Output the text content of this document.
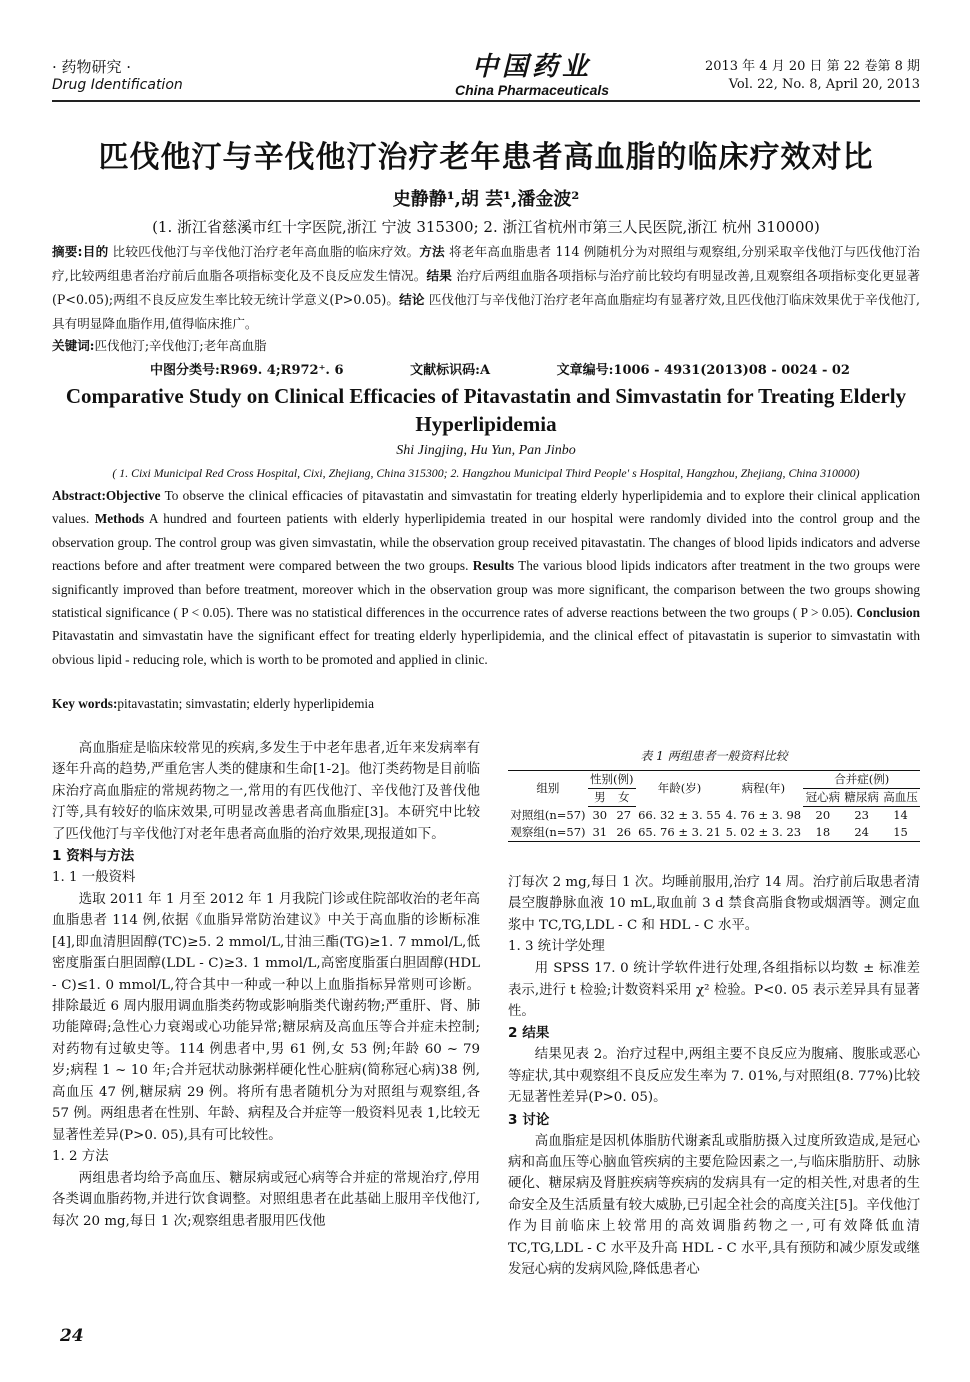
· 药物研究 ·
Drug Identification
中国药业
China Pharmaceuticals
2013 年 4 月 20 日 第 22 卷第 8 期
Vol. 22, No. 8, April 20, 2013
匹伐他汀与辛伐他汀治疗老年患者高血脂的临床疗效对比
史静静¹,胡 芸¹,潘金波²
(1. 浙江省慈溪市红十字医院,浙江 宁波 315300; 2. 浙江省杭州市第三人民医院,浙江 杭州 310000)
摘要:目的 比较匹伐他汀与辛伐他汀治疗老年高血脂的临床疗效。方法 将老年高血脂患者 114 例随机分为对照组与观察组,分别采取辛伐他汀与匹伐他汀治疗,比较两组患者治疗前后血脂各项指标变化及不良反应发生情况。结果 治疗后两组血脂各项指标与治疗前比较均有明显改善,且观察组各项指标变化更显著(P<0.05);两组不良反应发生率比较无统计学意义(P>0.05)。结论 匹伐他汀与辛伐他汀治疗老年高血脂症均有显著疗效,且匹伐他汀临床效果优于辛伐他汀,具有明显降血脂作用,值得临床推广。
关键词:匹伐他汀;辛伐他汀;老年高血脂
中图分类号:R969. 4;R972⁺. 6	文献标识码:A	文章编号:1006 - 4931(2013)08 - 0024 - 02
Comparative Study on Clinical Efficacies of Pitavastatin and Simvastatin for Treating Elderly Hyperlipidemia
Shi Jingjing, Hu Yun, Pan Jinbo
( 1. Cixi Municipal Red Cross Hospital, Cixi, Zhejiang, China 315300; 2. Hangzhou Municipal Third People' s Hospital, Hangzhou, Zhejiang, China 310000)
Abstract:Objective To observe the clinical efficacies of pitavastatin and simvastatin for treating elderly hyperlipidemia and to explore their clinical application values. Methods A hundred and fourteen patients with elderly hyperlipidemia treated in our hospital were randomly divided into the control group and the observation group. The control group was given simvastatin, while the observation group received pitavastatin. The changes of blood lipids indicators and adverse reactions before and after treatment were compared between the two groups. Results The various blood lipids indicators after treatment in the two groups were significantly improved than before treatment, moreover which in the observation group was more significant, the comparison between the two groups showing statistical significance ( P < 0.05). There was no statistical differences in the occurrence rates of adverse reactions between the two groups ( P > 0.05). Conclusion Pitavastatin and simvastatin have the significant effect for treating elderly hyperlipidemia, and the clinical effect of pitavastatin is superior to simvastatin with obvious lipid - reducing role, which is worth to be promoted and applied in clinic.
Key words:pitavastatin; simvastatin; elderly hyperlipidemia

高血脂症是临床较常见的疾病,多发生于中老年患者,近年来发病率有逐年升高的趋势,严重危害人类的健康和生命[1-2]。他汀类药物是目前临床治疗高血脂症的常规药物之一,常用的有匹伐他汀、辛伐他汀及普伐他汀等,具有较好的临床效果,可明显改善患者高血脂症[3]。本研究中比较了匹伐他汀与辛伐他汀对老年患者高血脂的治疗效果,现报道如下。

1 资料与方法
1. 1 一般资料

选取 2011 年 1 月至 2012 年 1 月我院门诊或住院部收治的老年高血脂患者 114 例,依据《血脂异常防治建议》中关于高血脂的诊断标准[4],即血清胆固醇(TC)≥5. 2 mmol/L,甘油三酯(TG)≥1. 7 mmol/L,低密度脂蛋白胆固醇(LDL - C)≥3. 1 mmol/L,高密度脂蛋白胆固醇(HDL - C)≤1. 0 mmol/L,符合其中一种或一种以上血脂指标异常则可诊断。排除最近 6 周内服用调血脂类药物或影响脂类代谢药物;严重肝、肾、肺功能障碍;急性心力衰竭或心功能异常;糖尿病及高血压等合并症未控制;对药物有过敏史等。114 例患者中,男 61 例,女 53 例;年龄 60 ~ 79 岁;病程 1 ~ 10 年;合并冠状动脉粥样硬化性心脏病(简称冠心病)38 例,高血压 47 例,糖尿病 29 例。将所有患者随机分为对照组与观察组,各 57 例。两组患者在性别、年龄、病程及合并症等一般资料见表 1,比较无显著性差异(P>0. 05),具有可比较性。

1. 2 方法

两组患者均给予高血压、糖尿病或冠心病等合并症的常规治疗,停用各类调血脂药物,并进行饮食调整。对照组患者在此基础上服用辛伐他汀,每次 20 mg,每日 1 次;观察组患者服用匹伐他

表 1 两组患者一般资料比较
组别	性别(例)		年龄(岁)	病程(年)	合并症(例)		
	男	女			冠心病	糖尿病	高血压
对照组(n=57)	30	27	66. 32 ± 3. 55	4. 76 ± 3. 98	20	23	14
观察组(n=57)	31	26	65. 76 ± 3. 21	5. 02 ± 3. 23	18	24	15

汀每次 2 mg,每日 1 次。均睡前服用,治疗 14 周。治疗前后取患者清晨空腹静脉血液 10 mL,取血前 3 d 禁食高脂食物或烟酒等。测定血浆中 TC,TG,LDL - C 和 HDL - C 水平。

1. 3 统计学处理

用 SPSS 17. 0 统计学软件进行处理,各组指标以均数 ± 标准差表示,进行 t 检验;计数资料采用 χ² 检验。P<0. 05 表示差异具有显著性。

2 结果

结果见表 2。治疗过程中,两组主要不良反应为腹痛、腹胀或恶心等症状,其中观察组不良反应发生率为 7. 01%,与对照组(8. 77%)比较无显著性差异(P>0. 05)。

3 讨论

高血脂症是因机体脂肪代谢紊乱或脂肪摄入过度所致造成,是冠心病和高血压等心脑血管疾病的主要危险因素之一,与临床脂肪肝、动脉硬化、糖尿病及肾脏疾病等疾病的发病具有一定的相关性,对患者的生命安全及生活质量有较大威胁,已引起全社会的高度关注[5]。辛伐他汀作为目前临床上较常用的高效调脂药物之一,可有效降低血清 TC,TG,LDL - C 水平及升高 HDL - C 水平,具有预防和减少原发或继发冠心病的发病风险,降低患者心

24
